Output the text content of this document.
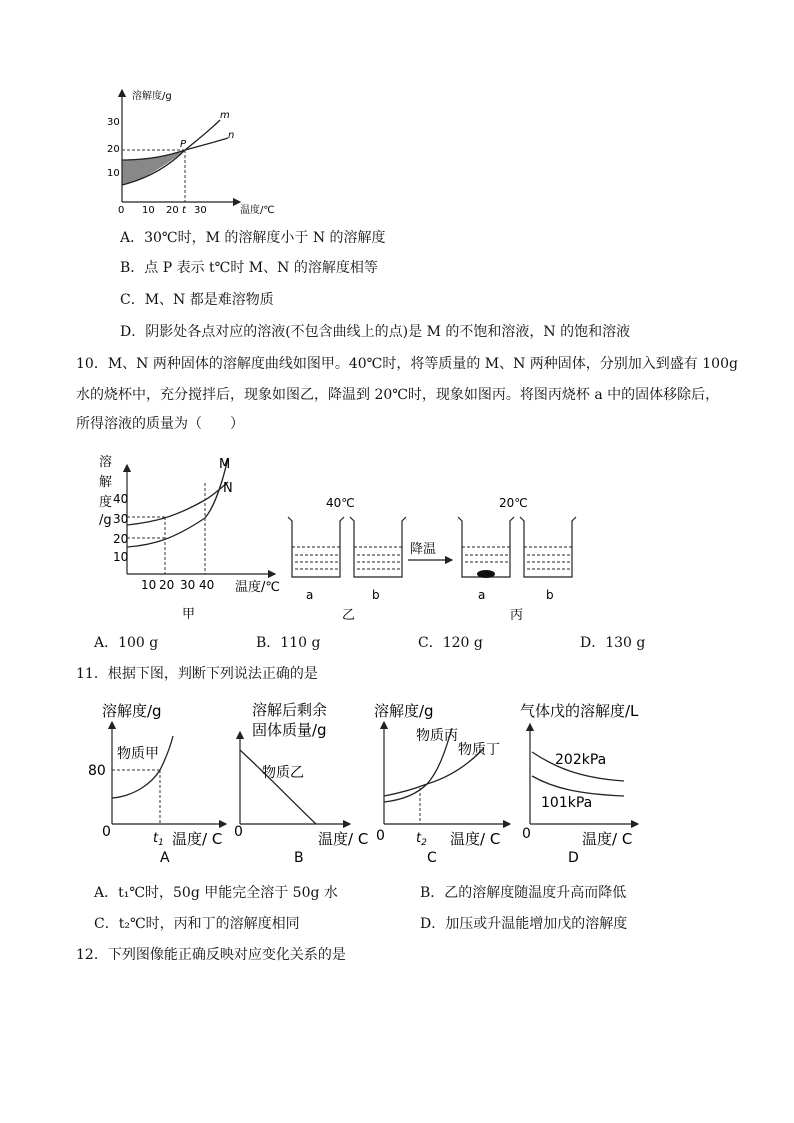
溶解度/g
30
20
10
0 10 20 t 30	温度/℃
m
n
P
A．30℃时，M 的溶解度小于 N 的溶解度
B．点 P 表示 t℃时 M、N 的溶解度相等
C．M、N 都是难溶物质
D．阴影处各点对应的溶液(不包含曲线上的点)是 M 的不饱和溶液，N 的饱和溶液
10．M、N 两种固体的溶解度曲线如图甲。40℃时，将等质量的 M、N 两种固体，分别加入到盛有 100g
水的烧杯中，充分搅拌后，现象如图乙，降温到 20℃时，现象如图丙。将图丙烧杯 a 中的固体移除后，
所得溶液的质量为（　　）
溶
解
度
/g
40
30
20
10
10 20 30 40 温度/℃
M
N
甲
降温
40℃	20℃
a	b	a	b
乙	丙
A．100 g	B．110 g	C．120 g	D．130 g
11．根据下图，判断下列说法正确的是
溶解度/g
物质甲
80
0	$t_1$ 温度/ C
A
溶解后剩余
固体质量/g
物质乙
0	温度/ C
B
溶解度/g
物质丙
物质丁
0 $t_2$ 温度/ C
C
气体戊的溶解度/L
202kPa
101kPa
0	温度/ C
D
A．t₁℃时，50g 甲能完全溶于 50g 水	B．乙的溶解度随温度升高而降低
C．t₂℃时，丙和丁的溶解度相同	D．加压或升温能增加戊的溶解度
12．下列图像能正确反映对应变化关系的是
